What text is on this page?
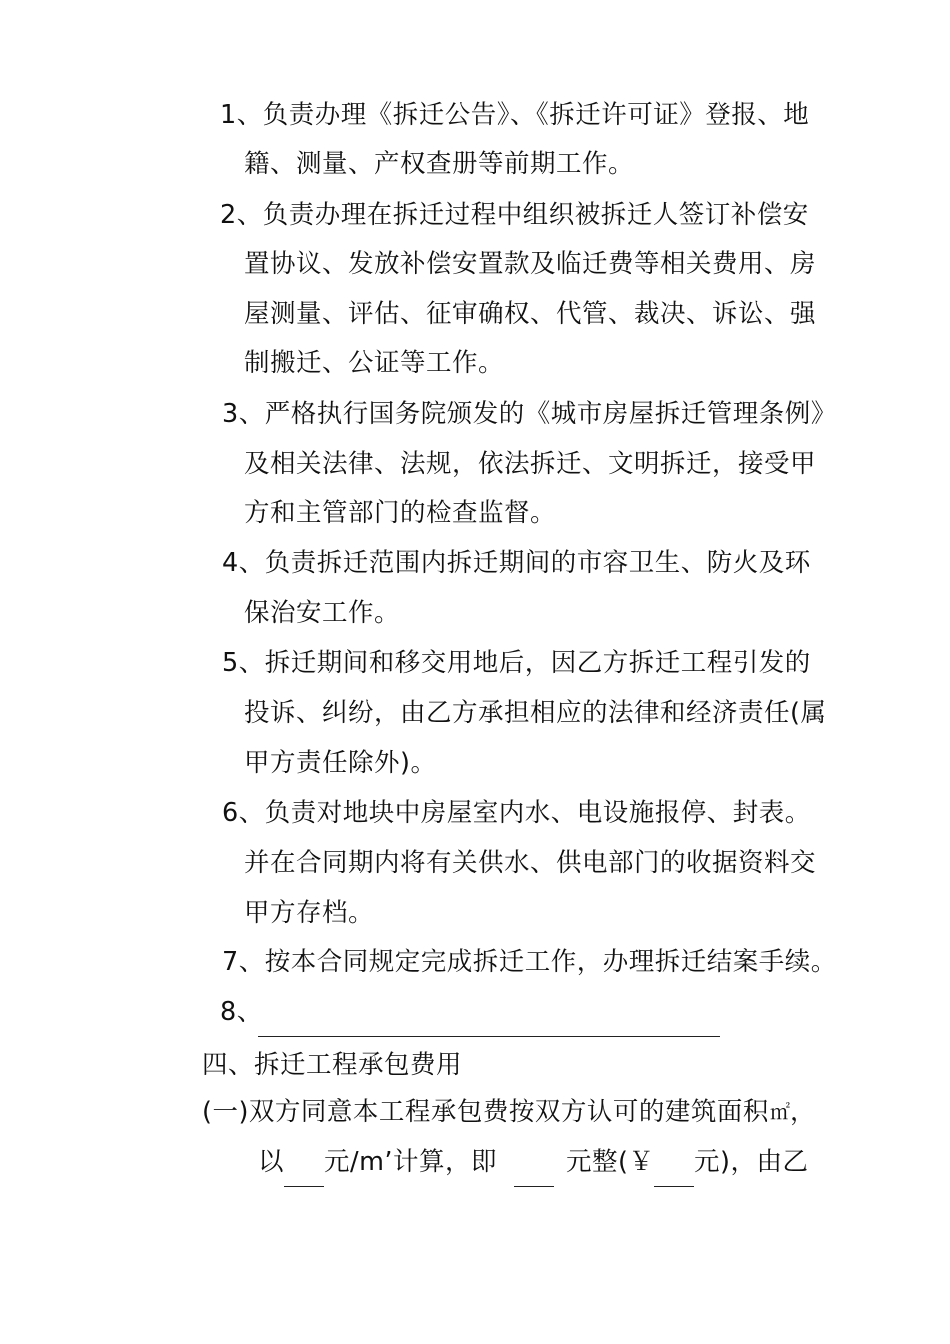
1、负责办理《拆迁公告》、《拆迁许可证》登报、地
籍、测量、产权查册等前期工作。
2、负责办理在拆迁过程中组织被拆迁人签订补偿安
置协议、发放补偿安置款及临迁费等相关费用、房
屋测量、评估、征审确权、代管、裁决、诉讼、强
制搬迁、公证等工作。
3、严格执行国务院颁发的《城市房屋拆迁管理条例》
及相关法律、法规，依法拆迁、文明拆迁，接受甲
方和主管部门的检查监督。
4、负责拆迁范围内拆迁期间的市容卫生、防火及环
保治安工作。
5、拆迁期间和移交用地后，因乙方拆迁工程引发的
投诉、纠纷，由乙方承担相应的法律和经济责任(属
甲方责任除外)。
6、负责对地块中房屋室内水、电设施报停、封表。
并在合同期内将有关供水、供电部门的收据资料交
甲方存档。
7、按本合同规定完成拆迁工作，办理拆迁结案手续。
8、
四、拆迁工程承包费用
(一)双方同意本工程承包费按双方认可的建筑面积 ㎡ ，
以 元/m’计算，即	元整(￥ 元)，由乙
